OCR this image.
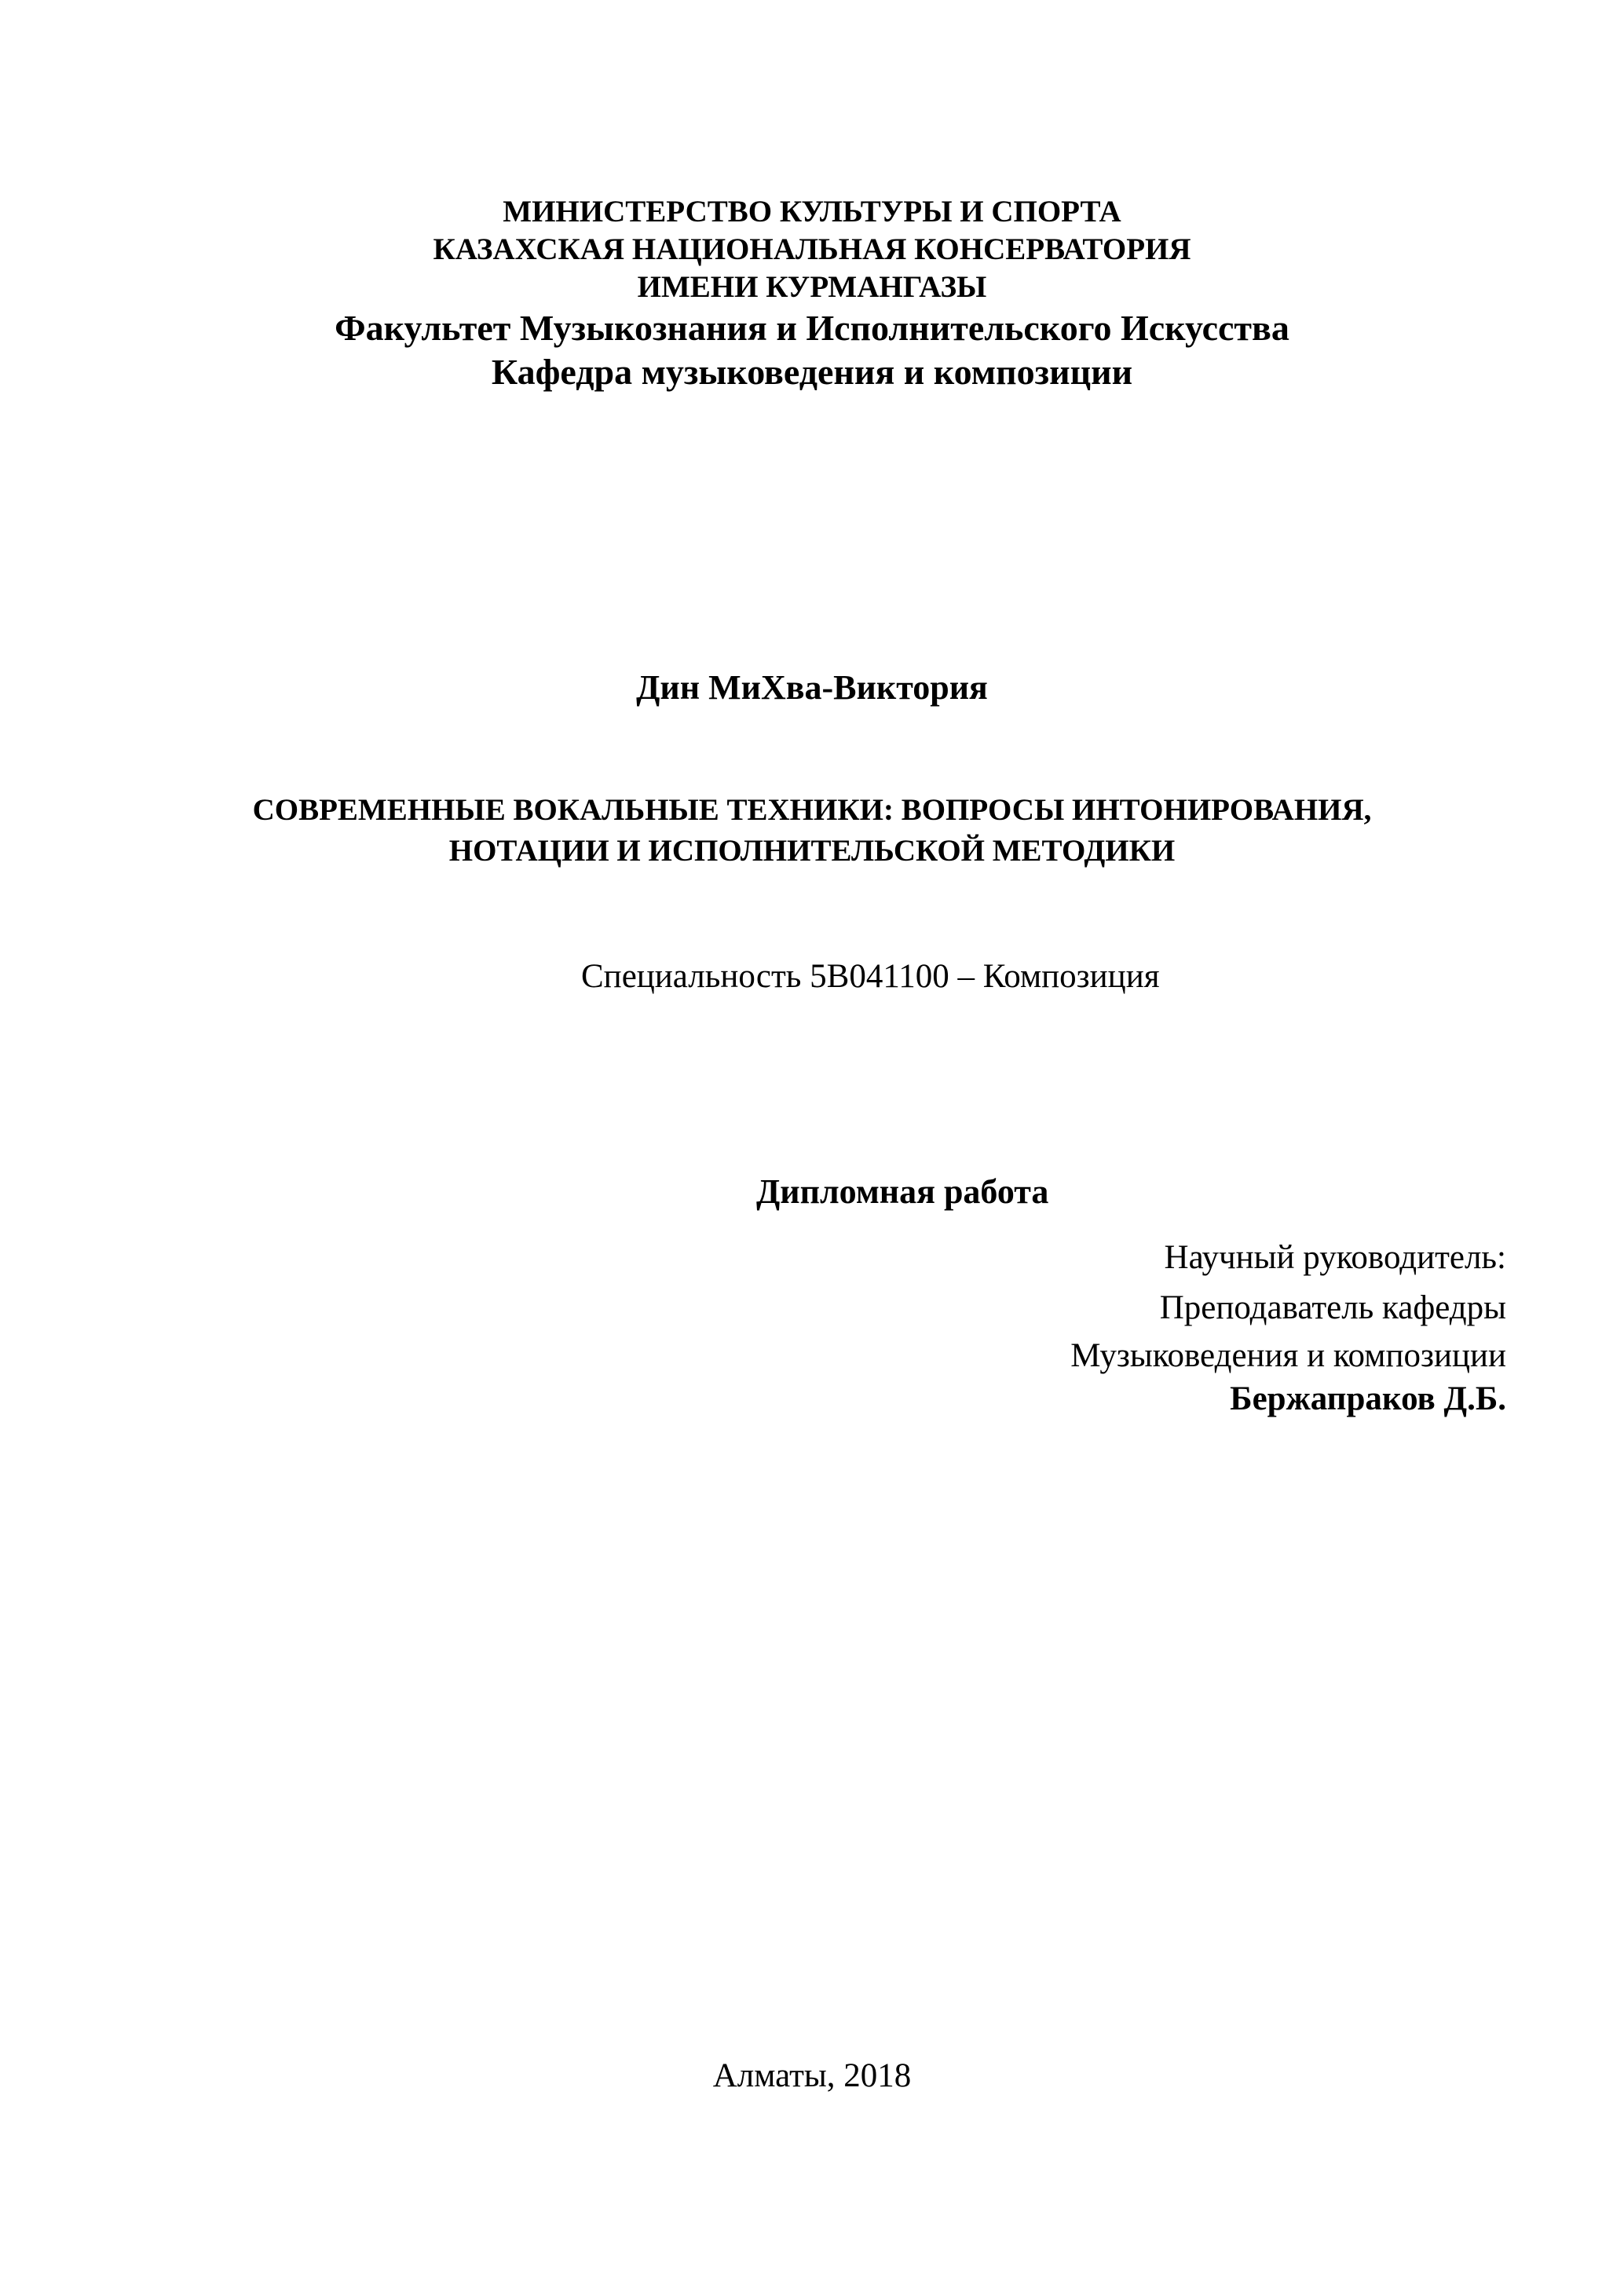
МИНИСТЕРСТВО КУЛЬТУРЫ И СПОРТА
КАЗАХСКАЯ НАЦИОНАЛЬНАЯ КОНСЕРВАТОРИЯ
ИМЕНИ КУРМАНГАЗЫ
Факультет Музыкознания и Исполнительского Искусства
Кафедра музыковедения и композиции
Дин МиХва-Виктория
СОВРЕМЕННЫЕ ВОКАЛЬНЫЕ ТЕХНИКИ: ВОПРОСЫ ИНТОНИРОВАНИЯ,
НОТАЦИИ И ИСПОЛНИТЕЛЬСКОЙ МЕТОДИКИ
Специальность 5В041100 – Композиция
Дипломная работа
Научный руководитель:
Преподаватель кафедры
Музыковедения и композиции
Бержапраков Д.Б.
Алматы, 2018
